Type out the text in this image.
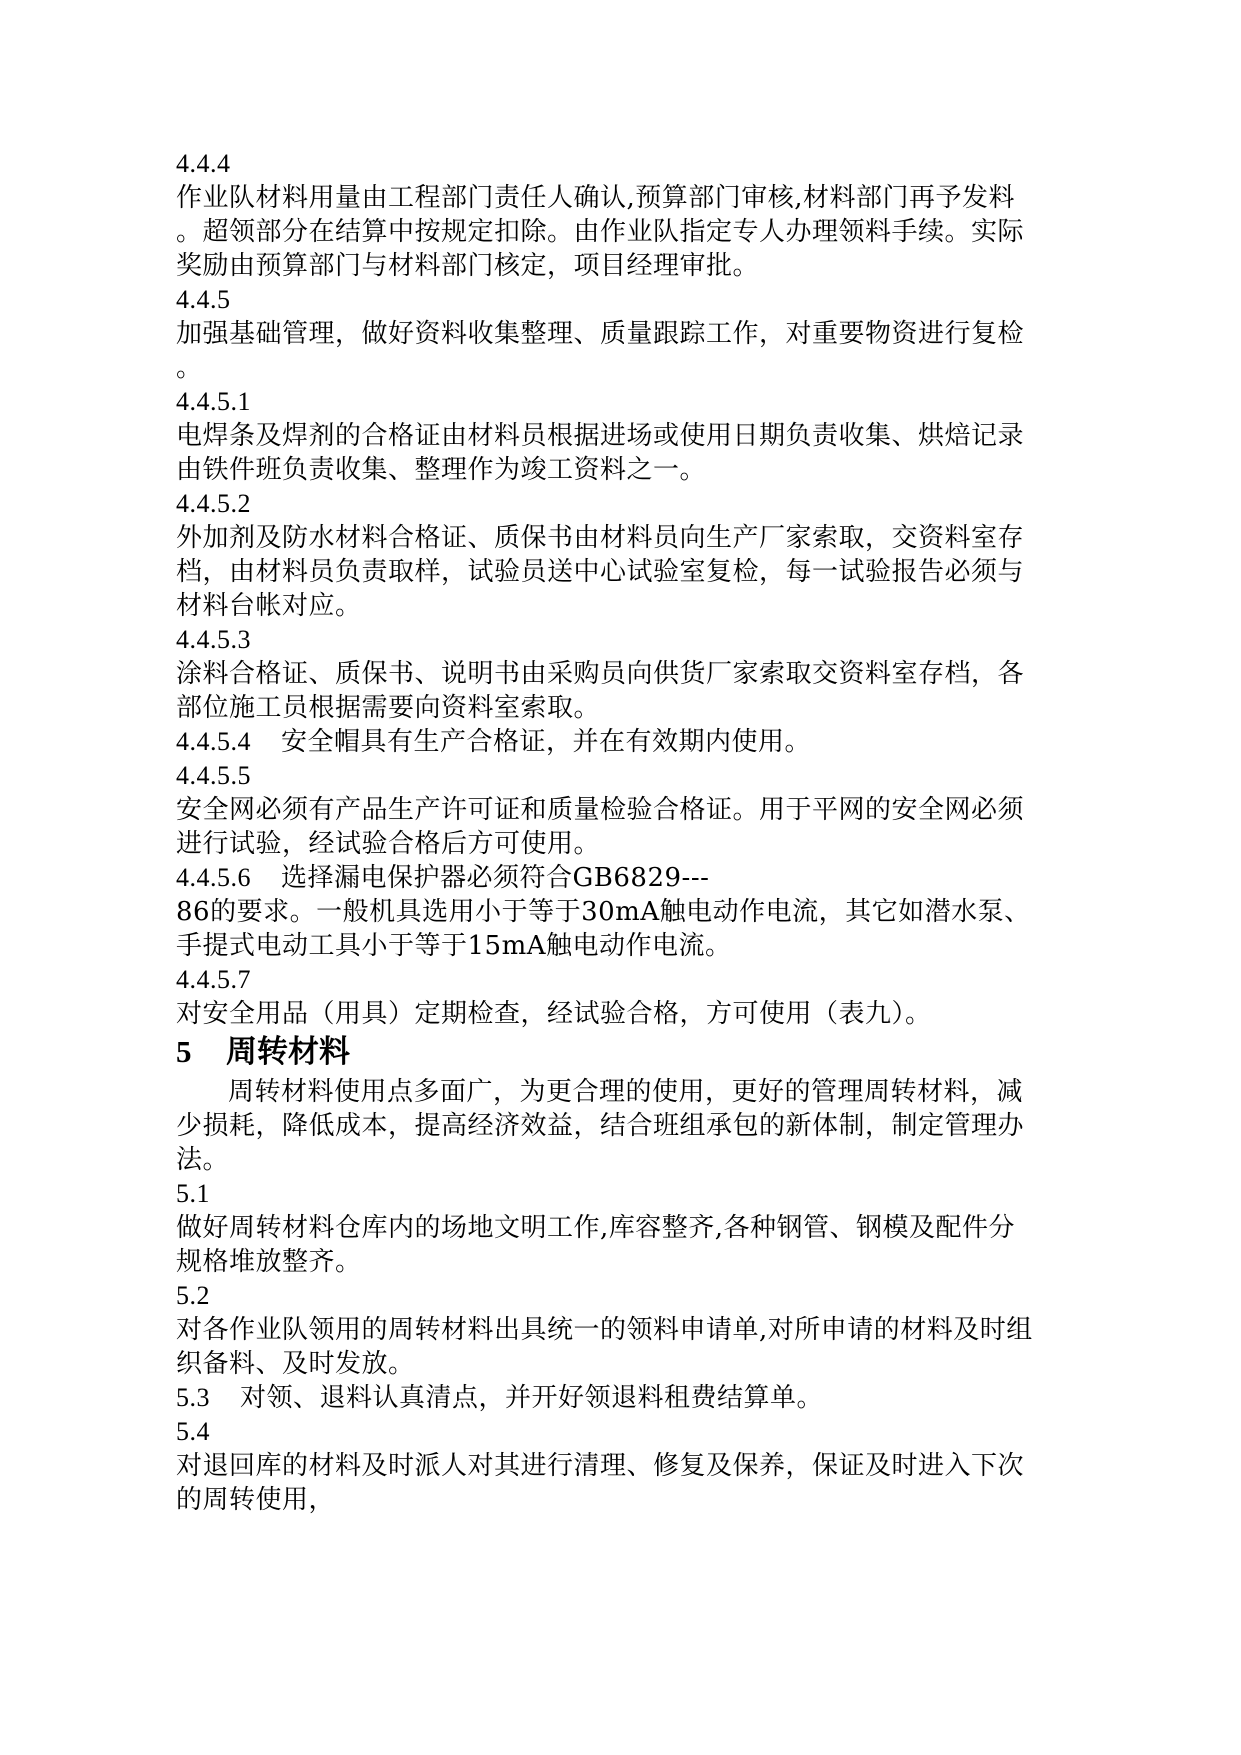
4.4.4
作业队材料用量由工程部门责任人确认,预算部门审核,材料部门再予发料
。超领部分在结算中按规定扣除。由作业队指定专人办理领料手续。实际
奖励由预算部门与材料部门核定，项目经理审批。
4.4.5
加强基础管理，做好资料收集整理、质量跟踪工作，对重要物资进行复检
。
4.4.5.1
电焊条及焊剂的合格证由材料员根据进场或使用日期负责收集、烘焙记录
由铁件班负责收集、整理作为竣工资料之一。
4.4.5.2
外加剂及防水材料合格证、质保书由材料员向生产厂家索取，交资料室存
档，由材料员负责取样，试验员送中心试验室复检，每一试验报告必须与
材料台帐对应。
4.4.5.3
涂料合格证、质保书、说明书由采购员向供货厂家索取交资料室存档，各
部位施工员根据需要向资料室索取。
4.4.5.4 安全帽具有生产合格证，并在有效期内使用。
4.4.5.5
安全网必须有产品生产许可证和质量检验合格证。用于平网的安全网必须
进行试验，经试验合格后方可使用。
4.4.5.6 选择漏电保护器必须符合GB6829---
86的要求。一般机具选用小于等于30mA触电动作电流，其它如潜水泵、
手提式电动工具小于等于15mA触电动作电流。
4.4.5.7
对安全用品（用具）定期检查，经试验合格，方可使用（表九）。
5 周转材料
周转材料使用点多面广，为更合理的使用，更好的管理周转材料，减
少损耗，降低成本，提高经济效益，结合班组承包的新体制，制定管理办
法。
5.1
做好周转材料仓库内的场地文明工作,库容整齐,各种钢管、钢模及配件分
规格堆放整齐。
5.2
对各作业队领用的周转材料出具统一的领料申请单,对所申请的材料及时组
织备料、及时发放。
5.3 对领、退料认真清点，并开好领退料租费结算单。
5.4
对退回库的材料及时派人对其进行清理、修复及保养，保证及时进入下次
的周转使用，
